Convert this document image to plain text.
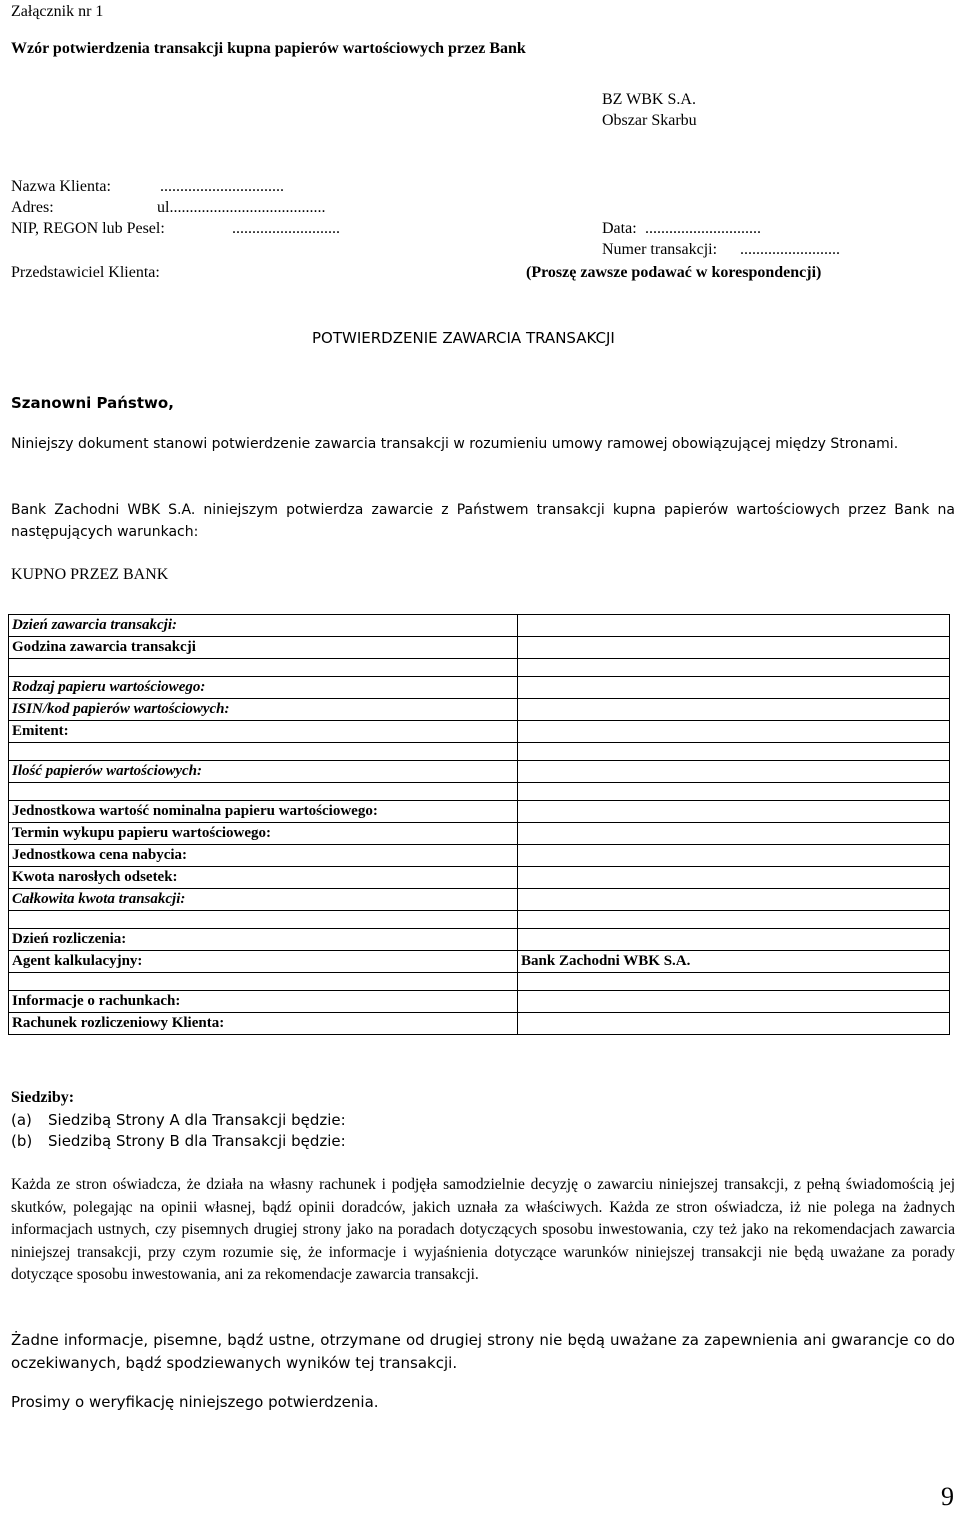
Załącznik nr 1
Wzór potwierdzenia transakcji kupna papierów wartościowych przez Bank
BZ WBK S.A.
Obszar Skarbu
Nazwa Klienta:	...............................
Adres:	ul.......................................
NIP, REGON lub Pesel:	...........................
Przedstawiciel Klienta:
Data: .............................
Numer transakcji: .........................
(Proszę zawsze podawać w korespondencji)
POTWIERDZENIE ZAWARCIA TRANSAKCJI
Szanowni Państwo,
Niniejszy dokument stanowi potwierdzenie zawarcia transakcji w rozumieniu umowy ramowej obowiązującej między Stronami.
Bank Zachodni WBK S.A. niniejszym potwierdza zawarcie z Państwem transakcji kupna papierów wartościowych przez Bank na następujących warunkach:
KUPNO PRZEZ BANK
Dzień zawarcia transakcji:	
Godzina zawarcia transakcji	

Rodzaj papieru wartościowego:	
ISIN/kod papierów wartościowych:	
Emitent:	

Ilość papierów wartościowych:	

Jednostkowa wartość nominalna papieru wartościowego:	
Termin wykupu papieru wartościowego:	
Jednostkowa cena nabycia:	
Kwota narosłych odsetek:	
Całkowita kwota transakcji:	

Dzień rozliczenia:	
Agent kalkulacyjny:	Bank Zachodni WBK S.A.

Informacje o rachunkach:	
Rachunek rozliczeniowy Klienta:	
Siedziby:
(a) Siedzibą Strony A dla Transakcji będzie:
(b) Siedzibą Strony B dla Transakcji będzie:
Każda ze stron oświadcza, że działa na własny rachunek i podjęła samodzielnie decyzję o zawarciu niniejszej transakcji, z pełną świadomością jej skutków, polegając na opinii własnej, bądź opinii doradców, jakich uznała za właściwych. Każda ze stron oświadcza, iż nie polega na żadnych informacjach ustnych, czy pisemnych drugiej strony jako na poradach dotyczących sposobu inwestowania, czy też jako na rekomendacjach zawarcia niniejszej transakcji, przy czym rozumie się, że informacje i wyjaśnienia dotyczące warunków niniejszej transakcji nie będą uważane za porady dotyczące sposobu inwestowania, ani za rekomendacje zawarcia transakcji.
Żadne informacje, pisemne, bądź ustne, otrzymane od drugiej strony nie będą uważane za zapewnienia ani gwarancje co do oczekiwanych, bądź spodziewanych wyników tej transakcji.
Prosimy o weryfikację niniejszego potwierdzenia.
9
